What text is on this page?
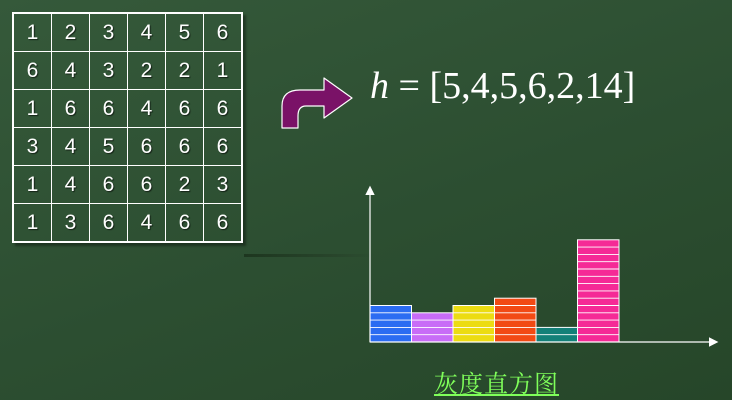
1	2	3	4	5	6
6	4	3	2	2	1
1	6	6	4	6	6
3	4	5	6	6	6
1	4	6	6	2	3
1	3	6	4	6	6
h = [5,4,5,6,2,14]
灰度直方图
